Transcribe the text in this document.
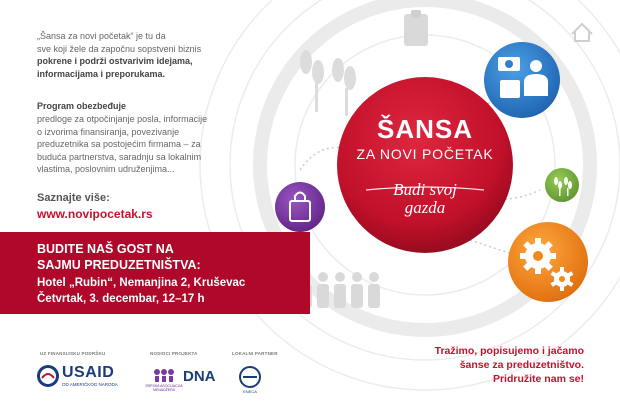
„Šansa za novi početak“ je tu da
sve koji žele da započnu sopstveni biznis
pokrene i podrži ostvarivim idejama,
informacijama i preporukama.
Program obezbeđuje
predloge za otpočinjanje posla, informacije
o izvorima finansiranja, povezivanje
preduzetnika sa postojećim firmama – za
buduća partnerstva, saradnju sa lokalnim
vlastima, poslovnim udruženjima...
Saznajte više:
www.novipocetak.rs
BUDITE NAŠ GOST NA
SAJMU PREDUZETNIŠTVA:
Hotel „Rubin“, Nemanjina 2, Kruševac
Četvrtak, 3. decembar, 12–17 h
ŠANSA
ZA NOVI POČETAK
Budi svoj
gazda
Tražimo, popisujemo i jačamo
šanse za preduzetništvo.
Pridružite nam se!
UZ FINANSIJSKU PODRŠKU	NOSIOCI PROJEKTA	LOKALNI PARTNER
USAID
OD AMERIČKOG NARODA	SRPSKA ASOCIJACIJA MENADŽERA
DNA
ENECA
